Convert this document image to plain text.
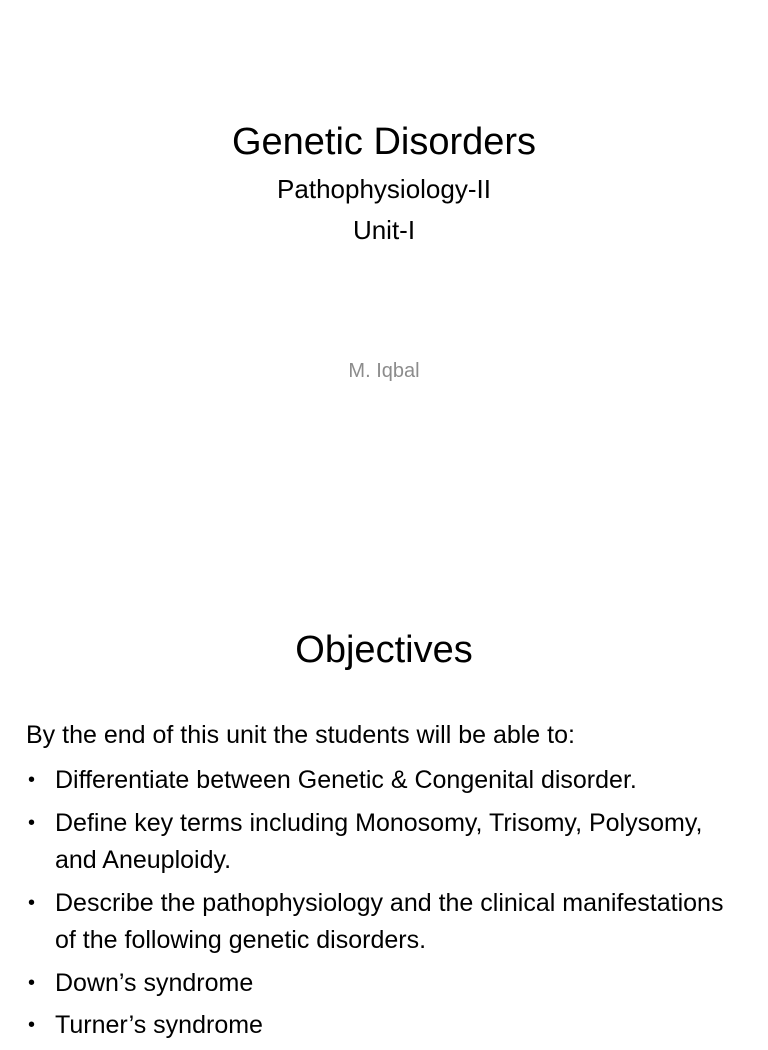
Genetic Disorders
Pathophysiology-II
Unit-I
M. Iqbal
Objectives
By the end of this unit the students will be able to:
• Differentiate between Genetic & Congenital disorder.
• Define key terms including Monosomy, Trisomy, Polysomy, and Aneuploidy.
• Describe the pathophysiology and the clinical manifestations of the following genetic disorders.
• Down’s syndrome
• Turner’s syndrome
